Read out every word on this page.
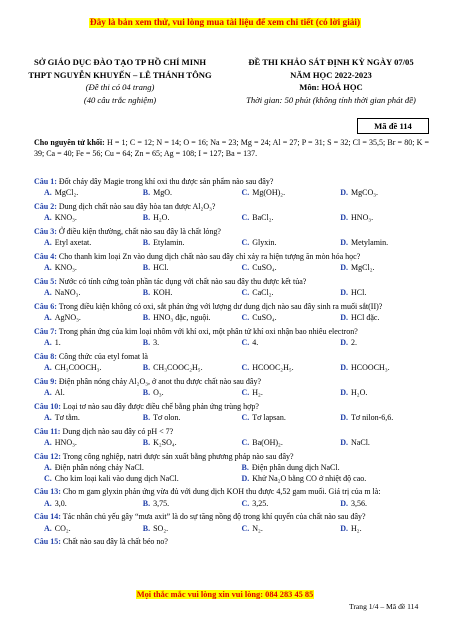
Đây là bản xem thử, vui lòng mua tài liệu để xem chi tiết (có lời giải)
SỞ GIÁO DỤC ĐÀO TẠO TP HỒ CHÍ MINH
THPT NGUYỄN KHUYẾN – LÊ THÁNH TÔNG
(Đề thi có 04 trang)
(40 câu trắc nghiệm)
ĐỀ THI KHẢO SÁT ĐỊNH KỲ NGÀY 07/05
NĂM HỌC 2022-2023
Môn: HOÁ HỌC
Thời gian: 50 phút (không tính thời gian phát đề)
Mã đề 114
Cho nguyên tử khối: H = 1; C = 12; N = 14; O = 16; Na = 23; Mg = 24; Al = 27; P = 31; S = 32; Cl = 35,5; Br = 80; K = 39; Ca = 40; Fe = 56; Cu = 64; Zn = 65; Ag = 108; I = 127; Ba = 137.
Câu 1: Đốt cháy dây Magie trong khí oxi thu được sản phẩm nào sau đây?
A. MgCl₂.	B. MgO.	C. Mg(OH)₂.	D. MgCO₃.
Câu 2: Dung dịch chất nào sau đây hòa tan được Al₂O₃?
A. KNO₃.	B. H₂O.	C. BaCl₂.	D. HNO₃.
Câu 3: Ở điều kiện thường, chất nào sau đây là chất lỏng?
A. Etyl axetat.	B. Etylamin.	C. Glyxin.	D. Metylamin.
Câu 4: Cho thanh kim loại Zn vào dung dịch chất nào sau đây chỉ xảy ra hiện tượng ăn mòn hóa học?
A. KNO₃.	B. HCl.	C. CuSO₄.	D. MgCl₂.
Câu 5: Nước có tính cứng toàn phần tác dụng với chất nào sau đây thu được kết tủa?
A. NaNO₃.	B. KOH.	C. CaCl₂.	D. HCl.
Câu 6: Trong điều kiện không có oxi, sắt phản ứng với lượng dư dung dịch nào sau đây sinh ra muối sắt(II)?
A. AgNO₃.	B. HNO₃ đặc, nguội.	C. CuSO₄.	D. HCl đặc.
Câu 7: Trong phản ứng của kim loại nhôm với khí oxi, một phân tử khí oxi nhận bao nhiêu electron?
A. 1.	B. 3.	C. 4.	D. 2.
Câu 8: Công thức của etyl fomat là
A. CH₃COOCH₃.	B. CH₃COOC₂H₅.	C. HCOOC₂H₅.	D. HCOOCH₃.
Câu 9: Điện phân nóng chảy Al₂O₃, ở anot thu được chất nào sau đây?
A. Al.	B. O₃.	C. H₂.	D. H₂O.
Câu 10: Loại tơ nào sau đây được điều chế bằng phản ứng trùng hợp?
A. Tơ tằm.	B. Tơ olon.	C. Tơ lapsan.	D. Tơ nilon-6,6.
Câu 11: Dung dịch nào sau đây có pH < 7?
A. HNO₃.	B. K₂SO₄.	C. Ba(OH)₂.	D. NaCl.
Câu 12: Trong công nghiệp, natri được sản xuất bằng phương pháp nào sau đây?
A. Điện phân nóng chảy NaCl.	B. Điện phân dung dịch NaCl.
C. Cho kim loại kali vào dung dịch NaCl.	D. Khử Na₂O bằng CO ở nhiệt độ cao.
Câu 13: Cho m gam glyxin phản ứng vừa đủ với dung dịch KOH thu được 4,52 gam muối. Giá trị của m là:
A. 3,0.	B. 3,75.	C. 3,25.	D. 3,56.
Câu 14: Tác nhân chủ yếu gây “mưa axit” là do sự tăng nồng độ trong khí quyển của chất nào sau đây?
A. CO₂.	B. SO₂.	C. N₂.	D. H₂.
Câu 15: Chất nào sau đây là chất béo no?
Mọi thắc mắc vui lòng xin vui lòng: 084 283 45 85
Trang 1/4 – Mã đề 114
